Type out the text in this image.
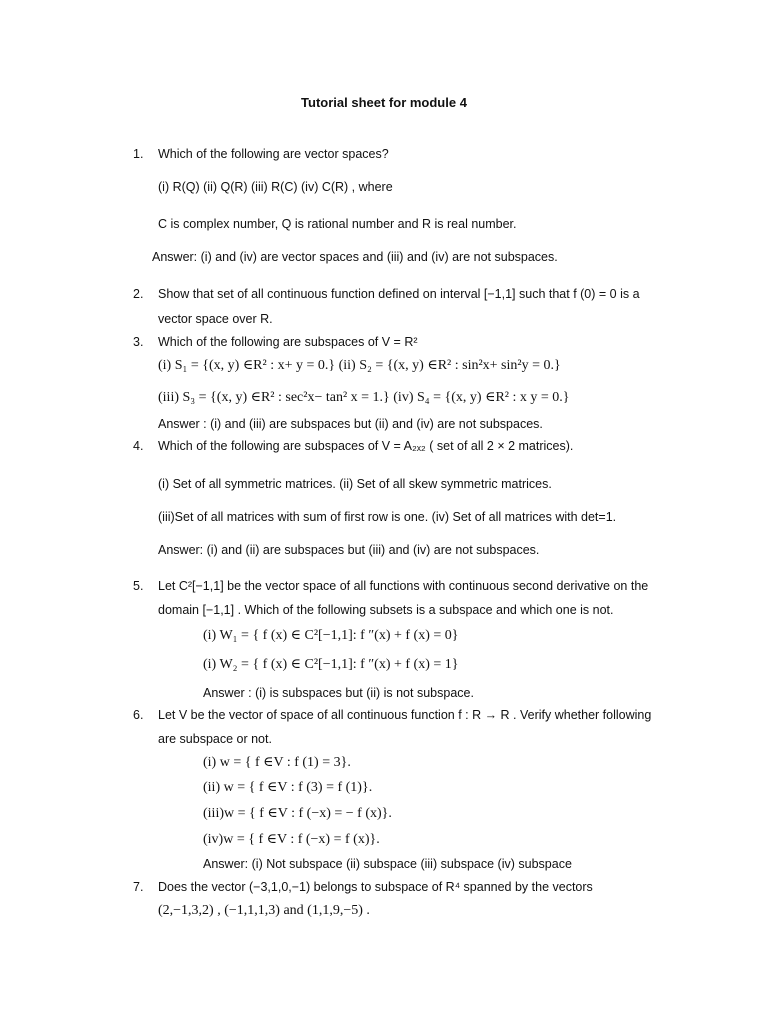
Tutorial sheet for module 4
1. Which of the following are vector spaces?
(i) R(Q) (ii) Q(R) (iii) R(C) (iv) C(R) , where
C is complex number, Q is rational number and R is real number.
Answer: (i) and (iv) are vector spaces and (iii) and (iv) are not subspaces.
2. Show that set of all continuous function defined on interval [−1,1] such that f (0) = 0 is a
vector space over R.
3. Which of the following are subspaces of V = R²
(i) S₁ = {(x, y) ∈R² : x+ y = 0.} (ii) S₂ = {(x, y) ∈R² : sin²x+ sin²y = 0.}
(iii) S₃ = {(x, y) ∈R² : sec²x− tan² x = 1.} (iv) S₄ = {(x, y) ∈R² : x y = 0.}
Answer : (i) and (iii) are subspaces but (ii) and (iv) are not subspaces.
4. Which of the following are subspaces of V = A₂ₓ₂ ( set of all 2 × 2 matrices).
(i) Set of all symmetric matrices. (ii) Set of all skew symmetric matrices.
(iii)Set of all matrices with sum of first row is one. (iv) Set of all matrices with det=1.
Answer: (i) and (ii) are subspaces but (iii) and (iv) are not subspaces.
5. Let C²[−1,1] be the vector space of all functions with continuous second derivative on the
domain [−1,1] . Which of the following subsets is a subspace and which one is not.
(i) W₁ = { f (x) ∈ C²[−1,1]: f ″(x) + f (x) = 0}
(i) W₂ = { f (x) ∈ C²[−1,1]: f ″(x) + f (x) = 1}
Answer : (i) is subspaces but (ii) is not subspace.
6. Let V be the vector of space of all continuous function f : R → R . Verify whether following
are subspace or not.
(i) w = { f ∈V : f (1) = 3}.
(ii) w = { f ∈V : f (3) = f (1)}.
(iii)w = { f ∈V : f (−x) = − f (x)}.
(iv)w = { f ∈V : f (−x) = f (x)}.
Answer: (i) Not subspace (ii) subspace (iii) subspace (iv) subspace
7. Does the vector (−3,1,0,−1) belongs to subspace of R⁴ spanned by the vectors
(2,−1,3,2) , (−1,1,1,3) and (1,1,9,−5) .
